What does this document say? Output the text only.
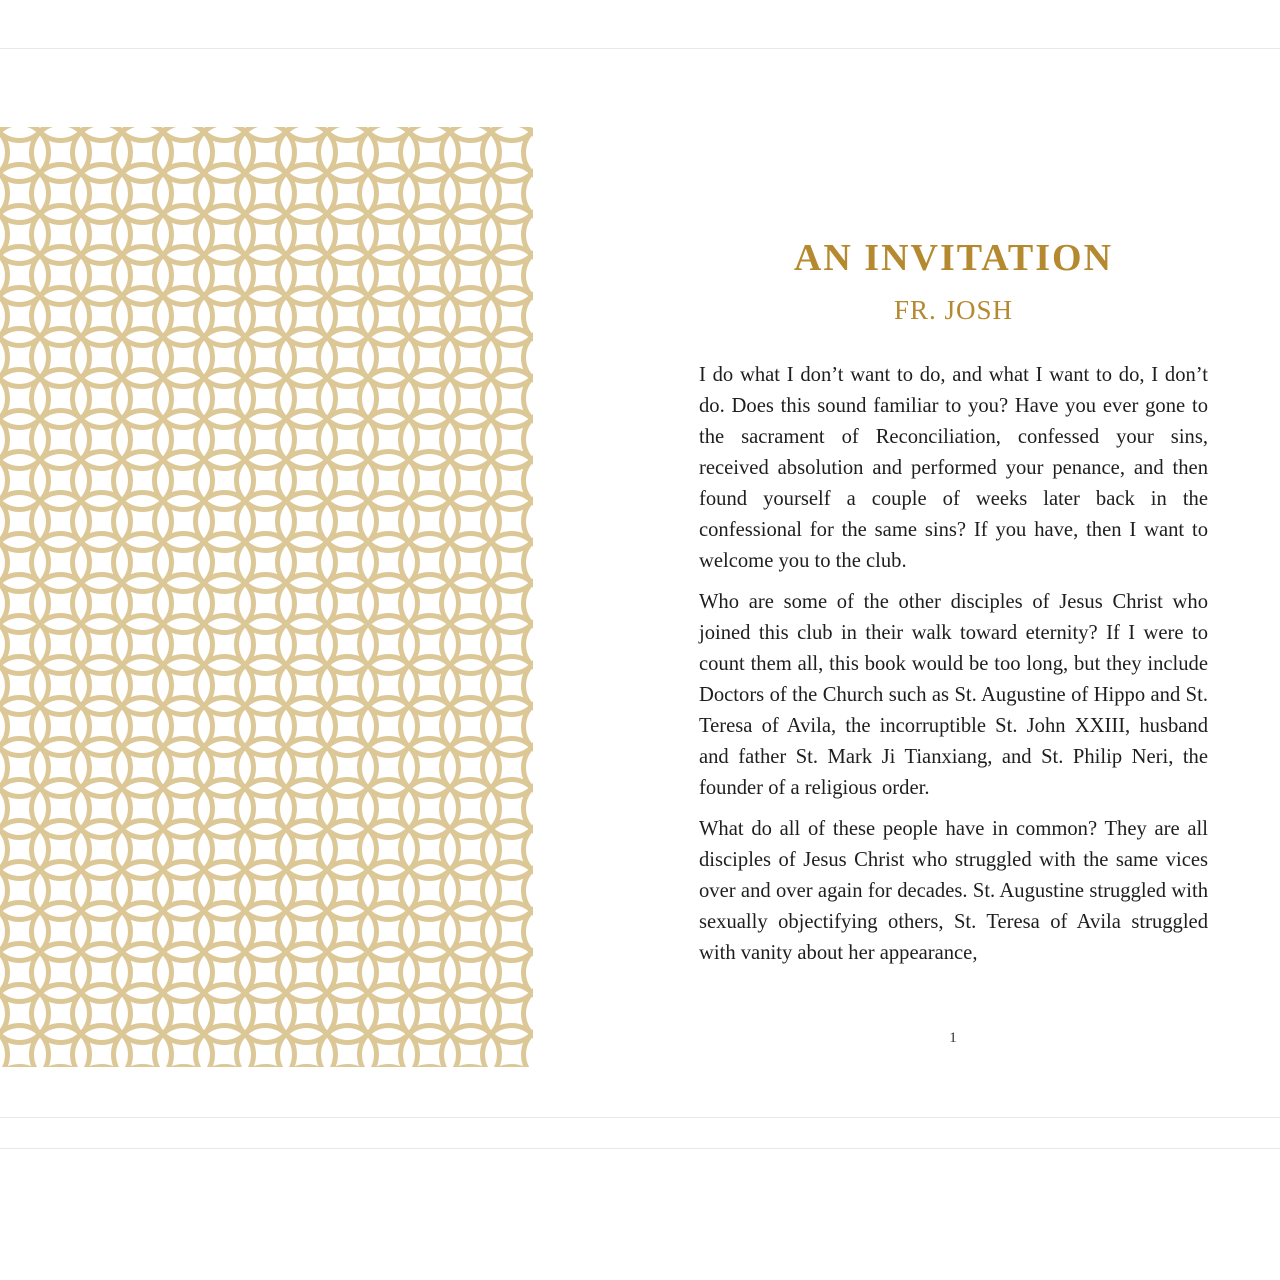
AN INVITATION
FR. JOSH

I do what I don’t want to do, and what I want to do, I don’t do. Does this sound familiar to you? Have you ever gone to the sacrament of Reconciliation, confessed your sins, received absolution and performed your penance, and then found yourself a couple of weeks later back in the confessional for the same sins? If you have, then I want to welcome you to the club.

Who are some of the other disciples of Jesus Christ who joined this club in their walk toward eternity? If I were to count them all, this book would be too long, but they include Doctors of the Church such as St. Augustine of Hippo and St. Teresa of Avila, the incorruptible St. John XXIII, husband and father St. Mark Ji Tianxiang, and St. Philip Neri, the founder of a religious order.

What do all of these people have in common? They are all disciples of Jesus Christ who struggled with the same vices over and over again for decades. St. Augustine struggled with sexually objectifying others, St. Teresa of Avila struggled with vanity about her appearance,

1
